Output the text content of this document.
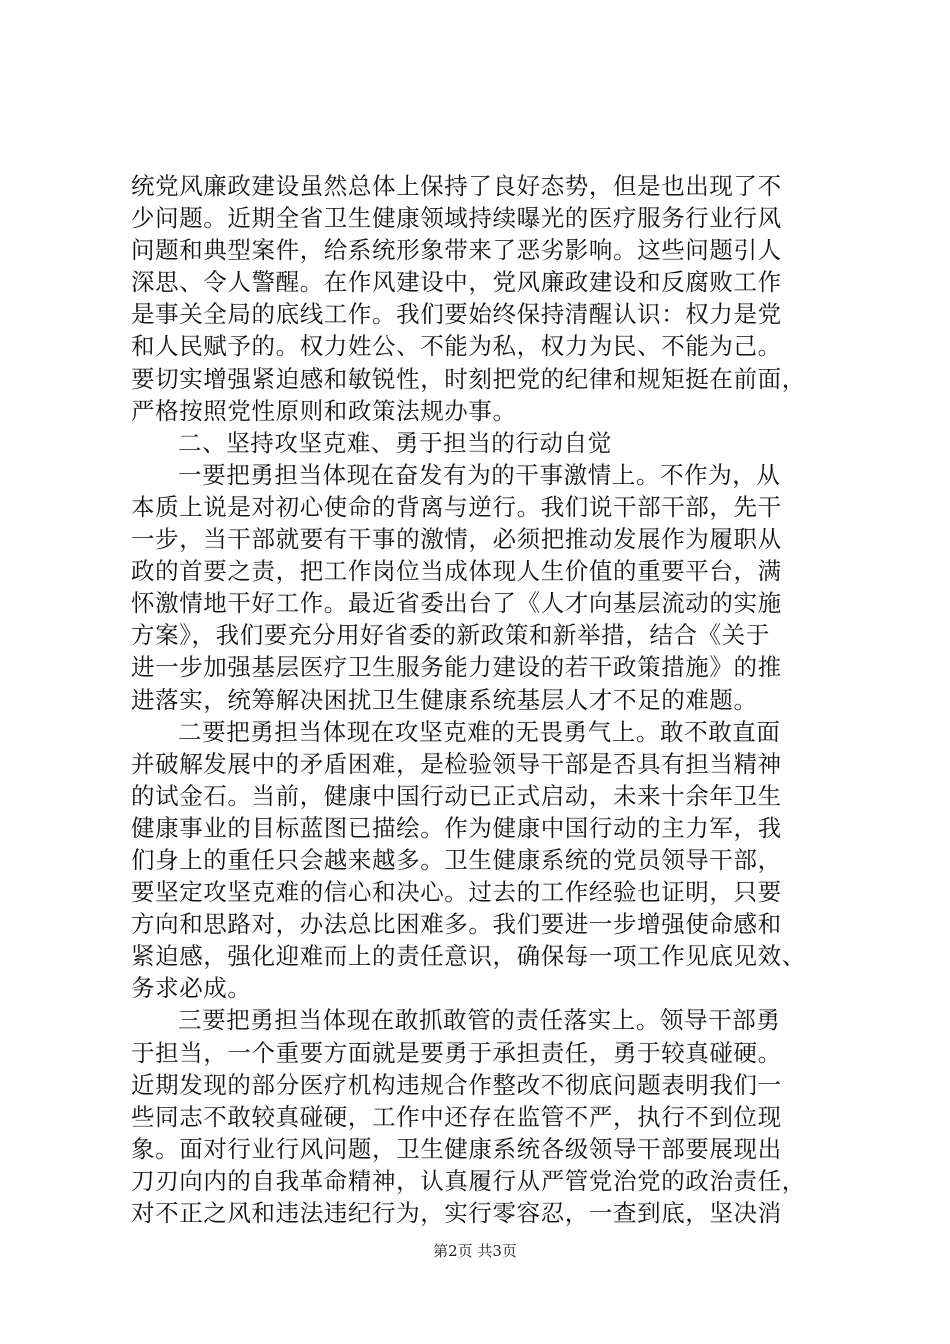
统党风廉政建设虽然总体上保持了良好态势，但是也出现了不
少问题。近期全省卫生健康领域持续曝光的医疗服务行业行风
问题和典型案件，给系统形象带来了恶劣影响。这些问题引人
深思、令人警醒。在作风建设中，党风廉政建设和反腐败工作
是事关全局的底线工作。我们要始终保持清醒认识：权力是党
和人民赋予的。权力姓公、不能为私，权力为民、不能为己。
要切实增强紧迫感和敏锐性，时刻把党的纪律和规矩挺在前面，
严格按照党性原则和政策法规办事。
二、坚持攻坚克难、勇于担当的行动自觉
一要把勇担当体现在奋发有为的干事激情上。不作为，从
本质上说是对初心使命的背离与逆行。我们说干部干部，先干
一步，当干部就要有干事的激情，必须把推动发展作为履职从
政的首要之责，把工作岗位当成体现人生价值的重要平台，满
怀激情地干好工作。最近省委出台了《人才向基层流动的实施
方案》，我们要充分用好省委的新政策和新举措，结合《关于
进一步加强基层医疗卫生服务能力建设的若干政策措施》的推
进落实，统筹解决困扰卫生健康系统基层人才不足的难题。
二要把勇担当体现在攻坚克难的无畏勇气上。敢不敢直面
并破解发展中的矛盾困难，是检验领导干部是否具有担当精神
的试金石。当前，健康中国行动已正式启动，未来十余年卫生
健康事业的目标蓝图已描绘。作为健康中国行动的主力军，我
们身上的重任只会越来越多。卫生健康系统的党员领导干部，
要坚定攻坚克难的信心和决心。过去的工作经验也证明，只要
方向和思路对，办法总比困难多。我们要进一步增强使命感和
紧迫感，强化迎难而上的责任意识，确保每一项工作见底见效、
务求必成。
三要把勇担当体现在敢抓敢管的责任落实上。领导干部勇
于担当，一个重要方面就是要勇于承担责任，勇于较真碰硬。
近期发现的部分医疗机构违规合作整改不彻底问题表明我们一
些同志不敢较真碰硬，工作中还存在监管不严，执行不到位现
象。面对行业行风问题，卫生健康系统各级领导干部要展现出
刀刃向内的自我革命精神，认真履行从严管党治党的政治责任，
对不正之风和违法违纪行为，实行零容忍，一查到底，坚决消
第2页 共3页
